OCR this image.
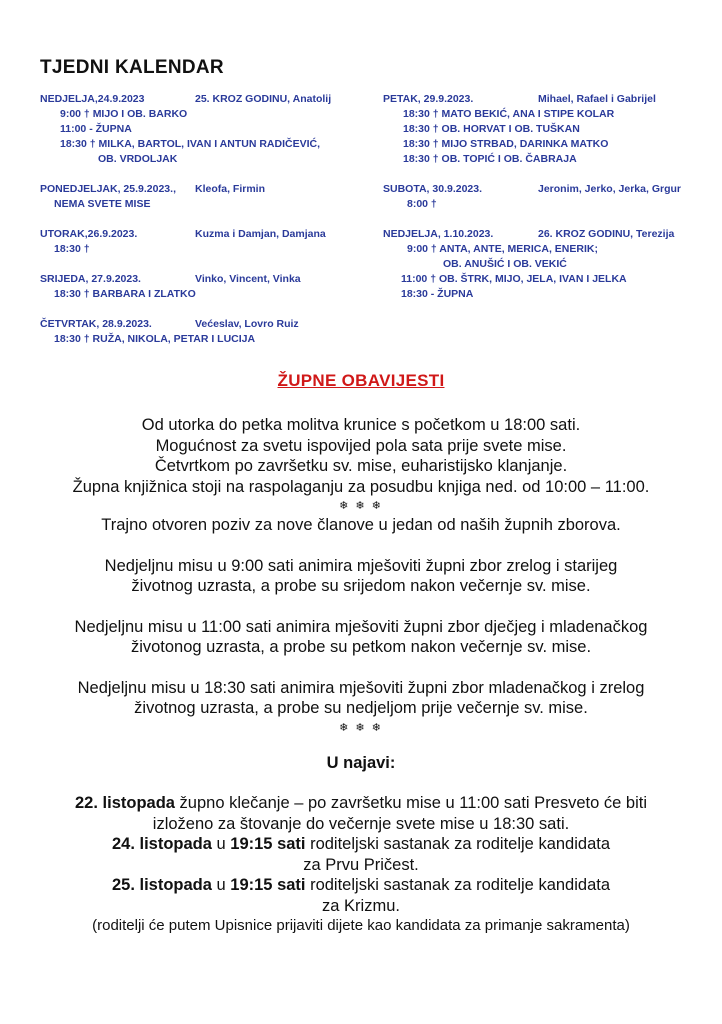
TJEDNI KALENDAR
NEDJELJA,24.9.2023	25. KROZ GODINU, Anatolij
9:00 † MIJO I OB. BARKO
11:00 - ŽUPNA
18:30 † MILKA, BARTOL, IVAN I ANTUN RADIČEVIĆ,
OB. VRDOLJAK
PONEDJELJAK, 25.9.2023.,	Kleofa, Firmin
NEMA SVETE MISE
UTORAK,26.9.2023.	Kuzma i Damjan, Damjana
18:30 †
SRIJEDA, 27.9.2023.	Vinko, Vincent, Vinka
18:30 † BARBARA I ZLATKO
ČETVRTAK, 28.9.2023.	Većeslav, Lovro Ruiz
18:30 † RUŽA, NIKOLA, PETAR I LUCIJA
PETAK, 29.9.2023.	Mihael, Rafael i Gabrijel
18:30 † MATO BEKIĆ, ANA I STIPE KOLAR
18:30 † OB. HORVAT I OB. TUŠKAN
18:30 † MIJO STRBAD, DARINKA MATKO
18:30 † OB. TOPIĆ I OB. ČABRAJA
SUBOTA, 30.9.2023.	Jeronim, Jerko, Jerka, Grgur
8:00 †
NEDJELJA, 1.10.2023.	26. KROZ GODINU, Terezija
9:00 † ANTA, ANTE, MERICA, ENERIK;
OB. ANUŠIĆ I OB. VEKIĆ
11:00 † OB. ŠTRK, MIJO, JELA, IVAN I JELKA
18:30 - ŽUPNA
ŽUPNE OBAVIJESTI

Od utorka do petka molitva krunice s početkom u 18:00 sati.

Mogućnost za svetu ispovijed pola sata prije svete mise.

Četvrtkom po završetku sv. mise, euharistijsko klanjanje.

Župna knjižnica stoji na raspolaganju za posudbu knjiga ned. od 10:00 – 11:00.

❄ ❄ ❄

Trajno otvoren poziv za nove članove u jedan od naših župnih zborova.

Nedjeljnu misu u 9:00 sati animira mješoviti župni zbor zrelog i starijeg

životnog uzrasta, a probe su srijedom nakon večernje sv. mise.

Nedjeljnu misu u 11:00 sati animira mješoviti župni zbor dječjeg i mladenačkog

životonog uzrasta, a probe su petkom nakon večernje sv. mise.

Nedjeljnu misu u 18:30 sati animira mješoviti župni zbor mladenačkog i zrelog

životnog uzrasta, a probe su nedjeljom prije večernje sv. mise.

❄ ❄ ❄

U najavi:

22. listopada župno klečanje – po završetku mise u 11:00 sati Presveto će biti

izloženo za štovanje do večernje svete mise u 18:30 sati.

24. listopada u 19:15 sati roditeljski sastanak za roditelje kandidata

za Prvu Pričest.

25. listopada u 19:15 sati roditeljski sastanak za roditelje kandidata

za Krizmu.

(roditelji će putem Upisnice prijaviti dijete kao kandidata za primanje sakramenta)
